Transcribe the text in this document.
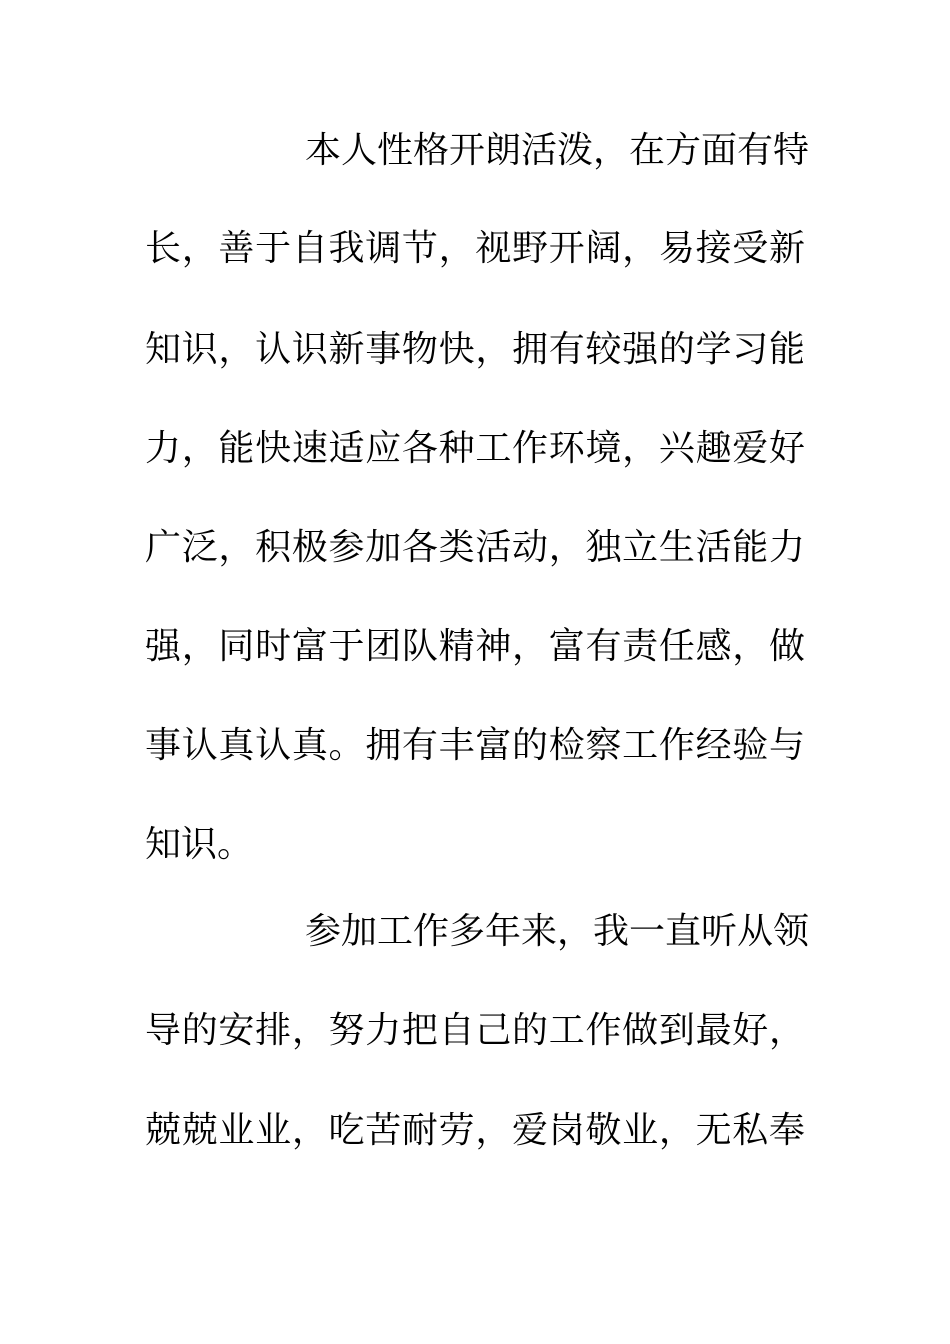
本人性格开朗活泼，在方面有特
长，善于自我调节，视野开阔，易接受新
知识，认识新事物快，拥有较强的学习能
力，能快速适应各种工作环境，兴趣爱好
广泛，积极参加各类活动，独立生活能力
强，同时富于团队精神，富有责任感，做
事认真认真。拥有丰富的检察工作经验与
知识。
参加工作多年来，我一直听从领
导的安排，努力把自己的工作做到最好，
兢兢业业，吃苦耐劳，爱岗敬业，无私奉
